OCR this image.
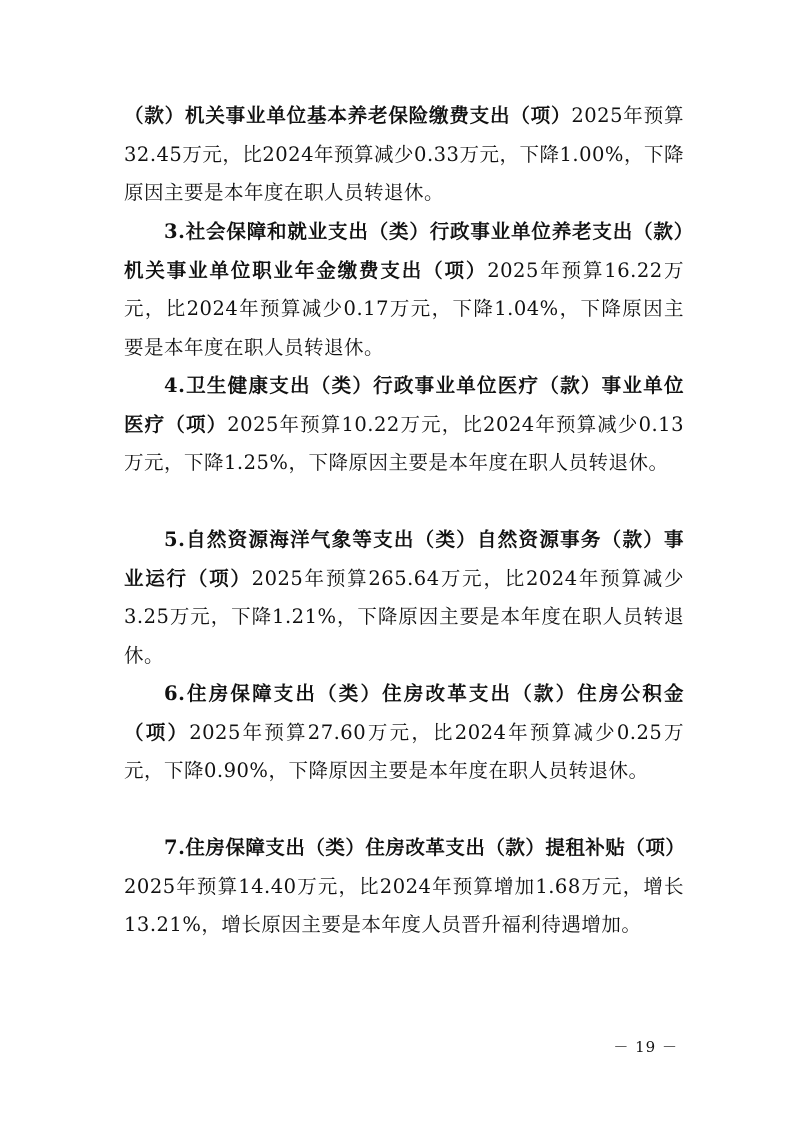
（款）机关事业单位基本养老保险缴费支出（项）2025年预算32.45万元，比2024年预算减少0.33万元，下降1.00%，下降原因主要是本年度在职人员转退休。

3.社会保障和就业支出（类）行政事业单位养老支出（款）机关事业单位职业年金缴费支出（项）2025年预算16.22万元，比2024年预算减少0.17万元，下降1.04%，下降原因主要是本年度在职人员转退休。

4.卫生健康支出（类）行政事业单位医疗（款）事业单位医疗（项）2025年预算10.22万元，比2024年预算减少0.13万元，下降1.25%，下降原因主要是本年度在职人员转退休。

5.自然资源海洋气象等支出（类）自然资源事务（款）事业运行（项）2025年预算265.64万元，比2024年预算减少3.25万元，下降1.21%，下降原因主要是本年度在职人员转退休。

6.住房保障支出（类）住房改革支出（款）住房公积金（项）2025年预算27.60万元，比2024年预算减少0.25万元，下降0.90%，下降原因主要是本年度在职人员转退休。

7.住房保障支出（类）住房改革支出（款）提租补贴（项）2025年预算14.40万元，比2024年预算增加1.68万元，增长13.21%，增长原因主要是本年度人员晋升福利待遇增加。

－ 19 －
